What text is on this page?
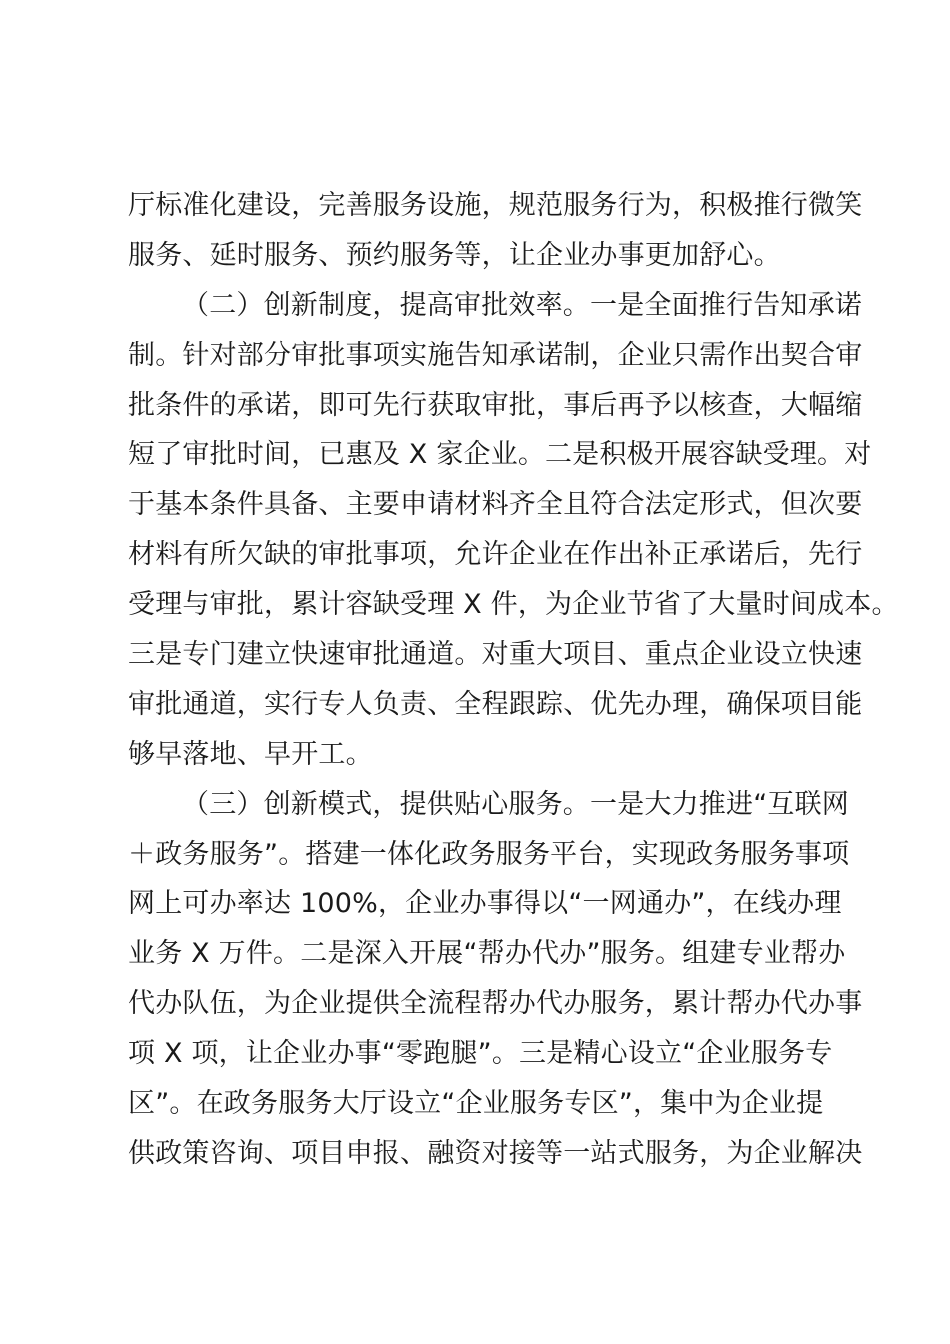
厅标准化建设，完善服务设施，规范服务行为，积极推行微笑
服务、延时服务、预约服务等，让企业办事更加舒心。
（二）创新制度，提高审批效率。一是全面推行告知承诺
制。针对部分审批事项实施告知承诺制，企业只需作出契合审
批条件的承诺，即可先行获取审批，事后再予以核查，大幅缩
短了审批时间，已惠及 X 家企业。二是积极开展容缺受理。对
于基本条件具备、主要申请材料齐全且符合法定形式，但次要
材料有所欠缺的审批事项，允许企业在作出补正承诺后，先行
受理与审批，累计容缺受理 X 件，为企业节省了大量时间成本。
三是专门建立快速审批通道。对重大项目、重点企业设立快速
审批通道，实行专人负责、全程跟踪、优先办理，确保项目能
够早落地、早开工。
（三）创新模式，提供贴心服务。一是大力推进“互联网
＋政务服务”。搭建一体化政务服务平台，实现政务服务事项
网上可办率达 100%，企业办事得以“一网通办”，在线办理
业务 X 万件。二是深入开展“帮办代办”服务。组建专业帮办
代办队伍，为企业提供全流程帮办代办服务，累计帮办代办事
项 X 项，让企业办事“零跑腿”。三是精心设立“企业服务专
区”。在政务服务大厅设立“企业服务专区”，集中为企业提
供政策咨询、项目申报、融资对接等一站式服务，为企业解决
